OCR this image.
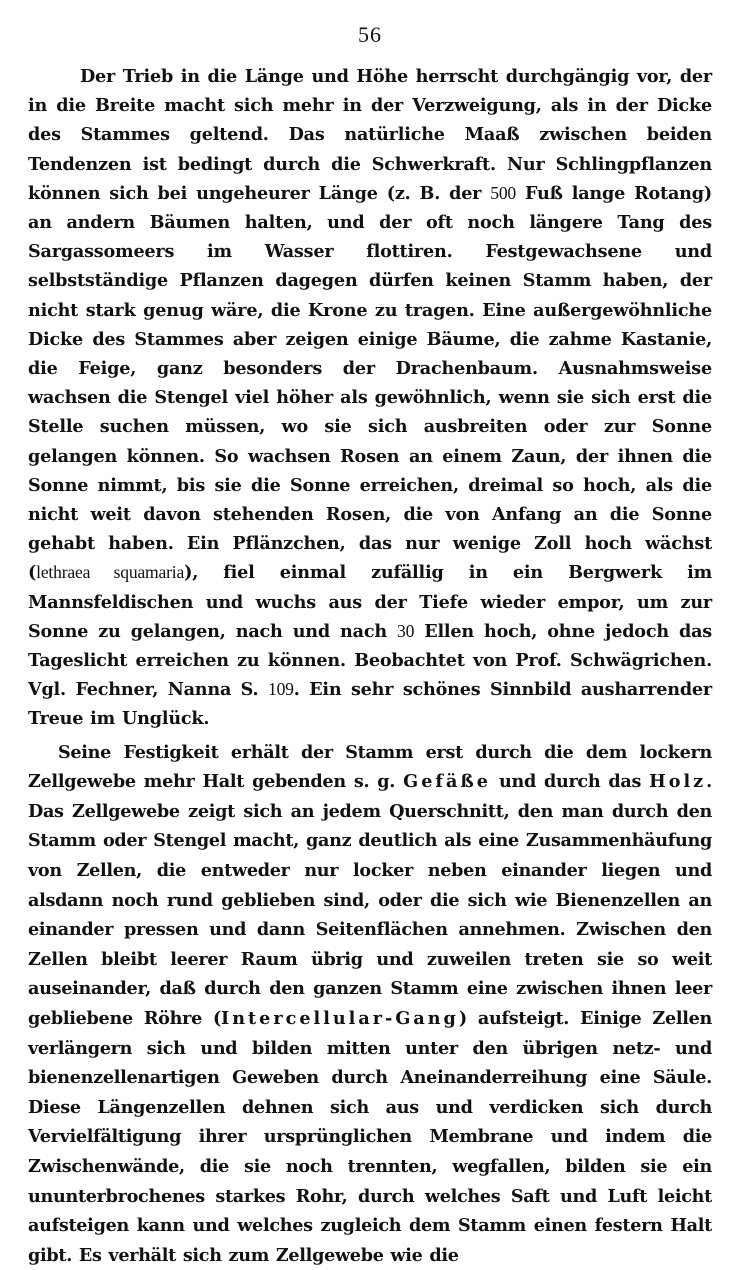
56

Der Trieb in die Länge und Höhe herrscht durchgängig vor, der in die Breite macht sich mehr in der Verzweigung, als in der Dicke des Stammes geltend. Das natürliche Maaß zwischen beiden Tendenzen ist bedingt durch die Schwerkraft. Nur Schlingpflanzen können sich bei ungeheurer Länge (z. B. der 500 Fuß lange Rotang) an andern Bäumen halten, und der oft noch längere Tang des Sargassomeers im Wasser flottiren. Festgewachsene und selbstständige Pflanzen dagegen dürfen keinen Stamm haben, der nicht stark genug wäre, die Krone zu tragen. Eine außergewöhnliche Dicke des Stammes aber zeigen einige Bäume, die zahme Kastanie, die Feige, ganz besonders der Drachenbaum. Ausnahmsweise wachsen die Stengel viel höher als gewöhnlich, wenn sie sich erst die Stelle suchen müssen, wo sie sich ausbreiten oder zur Sonne gelangen können. So wachsen Rosen an einem Zaun, der ihnen die Sonne nimmt, bis sie die Sonne erreichen, dreimal so hoch, als die nicht weit davon stehenden Rosen, die von Anfang an die Sonne gehabt haben. Ein Pflänzchen, das nur wenige Zoll hoch wächst (lethraea squamaria), fiel einmal zufällig in ein Bergwerk im Mannsfeldischen und wuchs aus der Tiefe wieder empor, um zur Sonne zu gelangen, nach und nach 30 Ellen hoch, ohne jedoch das Tageslicht erreichen zu können. Beobachtet von Prof. Schwägrichen. Vgl. Fechner, Nanna S. 109. Ein sehr schönes Sinnbild ausharrender Treue im Unglück.

Seine Festigkeit erhält der Stamm erst durch die dem lockern Zellgewebe mehr Halt gebenden s. g. Gefäße und durch das Holz. Das Zellgewebe zeigt sich an jedem Querschnitt, den man durch den Stamm oder Stengel macht, ganz deutlich als eine Zusammenhäufung von Zellen, die entweder nur locker neben einander liegen und alsdann noch rund geblieben sind, oder die sich wie Bienenzellen an einander pressen und dann Seitenflächen annehmen. Zwischen den Zellen bleibt leerer Raum übrig und zuweilen treten sie so weit auseinander, daß durch den ganzen Stamm eine zwischen ihnen leer gebliebene Röhre (Intercellular-Gang) aufsteigt. Einige Zellen verlängern sich und bilden mitten unter den übrigen netz- und bienenzellenartigen Geweben durch Aneinanderreihung eine Säule. Diese Längenzellen dehnen sich aus und verdicken sich durch Vervielfältigung ihrer ursprünglichen Membrane und indem die Zwischenwände, die sie noch trennten, wegfallen, bilden sie ein ununterbrochenes starkes Rohr, durch welches Saft und Luft leicht aufsteigen kann und welches zugleich dem Stamm einen festern Halt gibt. Es verhält sich zum Zellgewebe wie die
